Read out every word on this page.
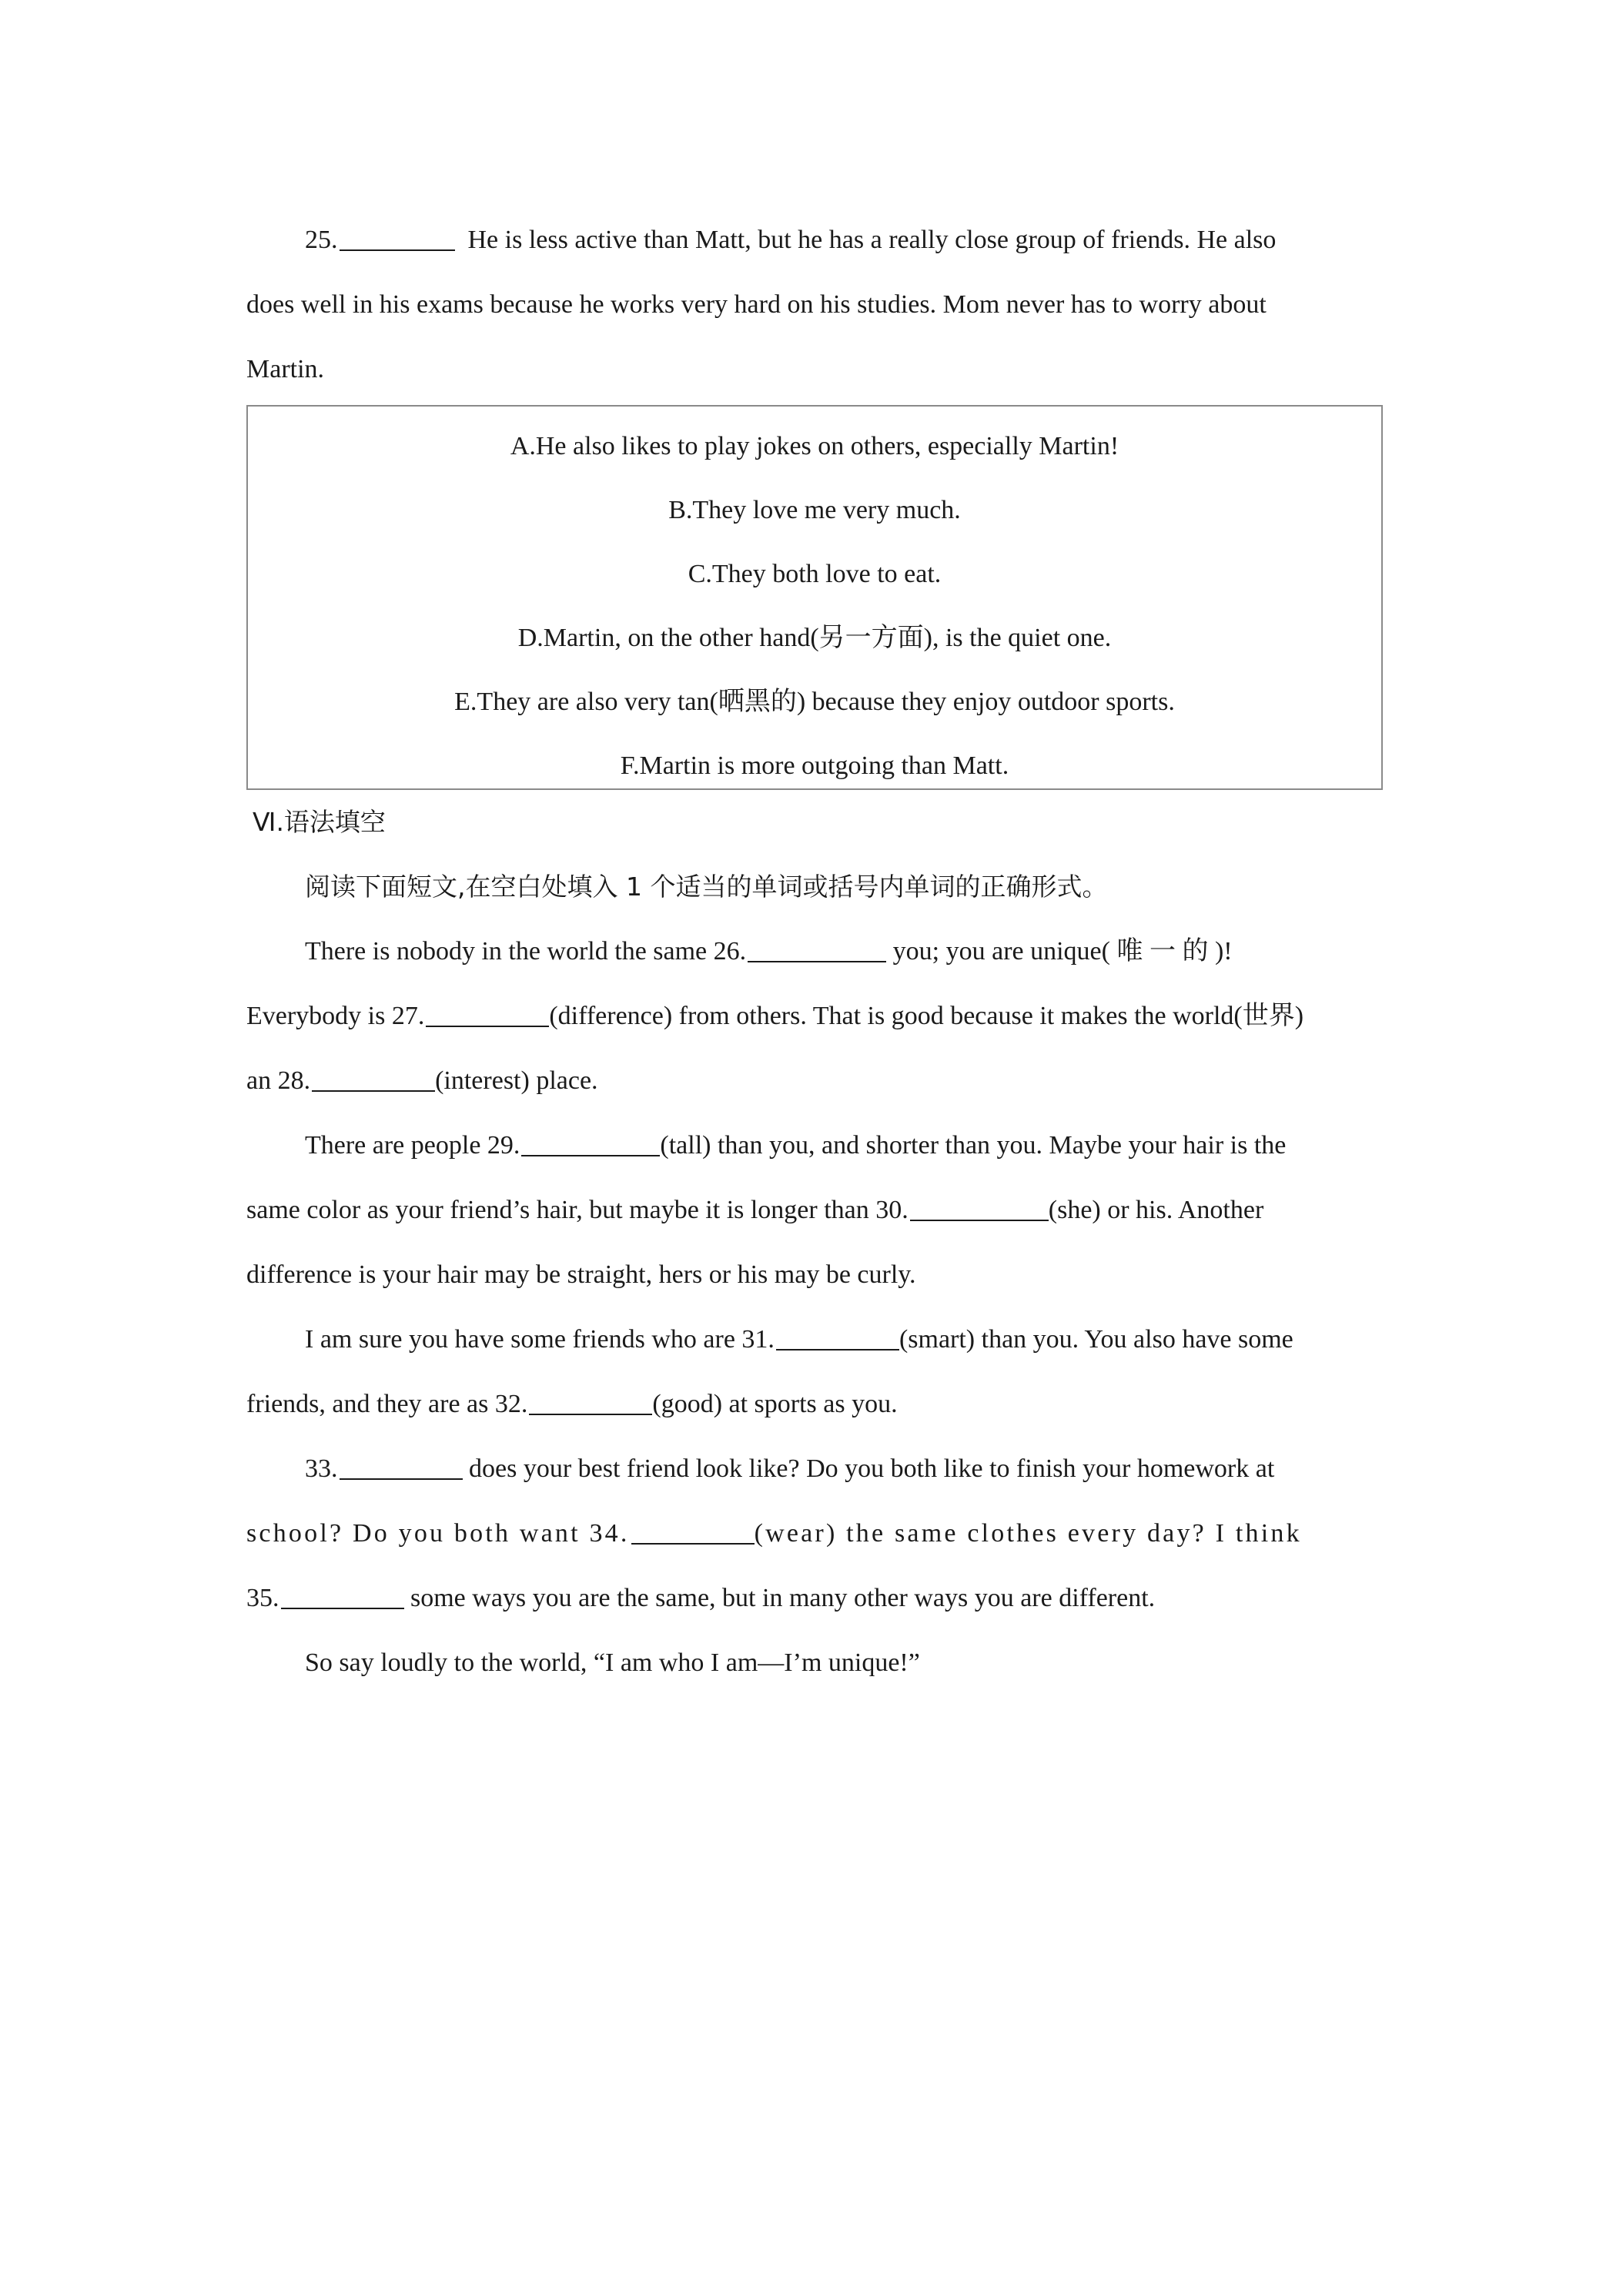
25.	He is less active than Matt, but he has a really close group of friends. He also

does well in his exams because he works very hard on his studies. Mom never has to worry about

Martin.

A.He also likes to play jokes on others, especially Martin!

B.They love me very much.

C.They both love to eat.

D.Martin, on the other hand(另一方面), is the quiet one.

E.They are also very tan(晒黑的) because they enjoy outdoor sports.

F.Martin is more outgoing than Matt.

Ⅵ.语法填空

阅读下面短文,在空白处填入 1 个适当的单词或括号内单词的正确形式。

There is nobody in the world the same 26.	you; you are unique( 唯 一 的 )!

Everybody is 27.	(difference) from others. That is good because it makes the world(世界)

an 28.	(interest) place.

There are people 29.	(tall) than you, and shorter than you. Maybe your hair is the

same color as your friend’s hair, but maybe it is longer than 30.	(she) or his. Another

difference is your hair may be straight, hers or his may be curly.

I am sure you have some friends who are 31.	(smart) than you. You also have some

friends, and they are as 32.	(good) at sports as you.

33.	does your best friend look like? Do you both like to finish your homework at

school? Do you both want 34.	(wear) the same clothes every day? I think

35.	some ways you are the same, but in many other ways you are different.

So say loudly to the world, “I am who I am—I’m unique!”
